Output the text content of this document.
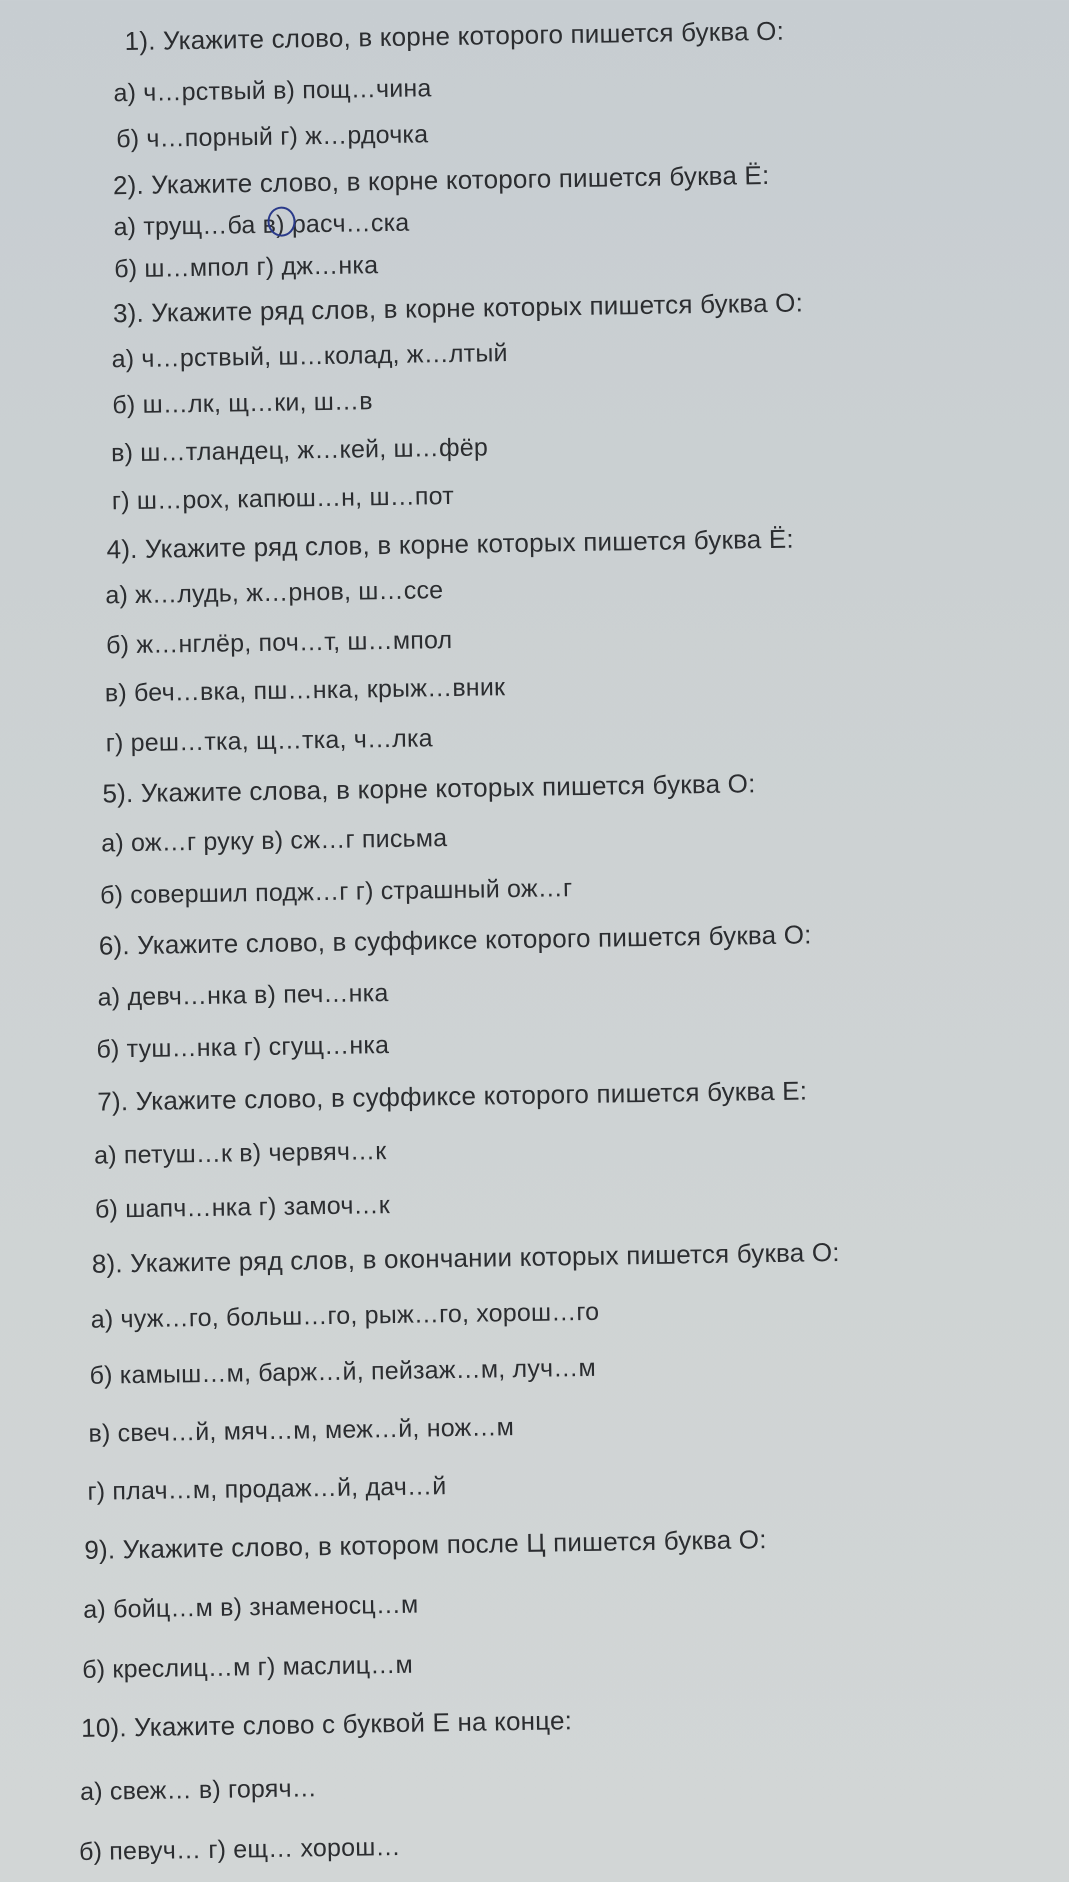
1). Укажите слово, в корне которого пишется буква О:
а) ч…рствый в) пощ…чина
б) ч…порный г) ж…рдочка
2). Укажите слово, в корне которого пишется буква Ё:
а) трущ…ба в) расч…ска
б) ш…мпол г) дж…нка
3). Укажите ряд слов, в корне которых пишется буква О:
а) ч…рствый, ш…колад, ж…лтый
б) ш…лк, щ…ки, ш…в
в) ш…тландец, ж…кей, ш…фёр
г) ш…рох, капюш…н, ш…пот
4). Укажите ряд слов, в корне которых пишется буква Ё:
а) ж…лудь, ж…рнов, ш…ссе
б) ж…нглёр, поч…т, ш…мпол
в) беч…вка, пш…нка, крыж…вник
г) реш…тка, щ…тка, ч…лка
5). Укажите слова, в корне которых пишется буква О:
а) ож…г руку в) сж…г письма
б) совершил подж…г г) страшный ож…г
6). Укажите слово, в суффиксе которого пишется буква О:
а) девч…нка в) печ…нка
б) туш…нка г) сгущ…нка
7). Укажите слово, в суффиксе которого пишется буква Е:
а) петуш…к в) червяч…к
б) шапч…нка г) замоч…к
8). Укажите ряд слов, в окончании которых пишется буква О:
а) чуж…го, больш…го, рыж…го, хорош…го
б) камыш…м, барж…й, пейзаж…м, луч…м
в) свеч…й, мяч…м, меж…й, нож…м
г) плач…м, продаж…й, дач…й
9). Укажите слово, в котором после Ц пишется буква О:
а) бойц…м в) знаменосц…м
б) креслиц…м г) маслиц…м
10). Укажите слово с буквой Е на конце:
а) свеж… в) горяч…
б) певуч… г) ещ… хорош…
